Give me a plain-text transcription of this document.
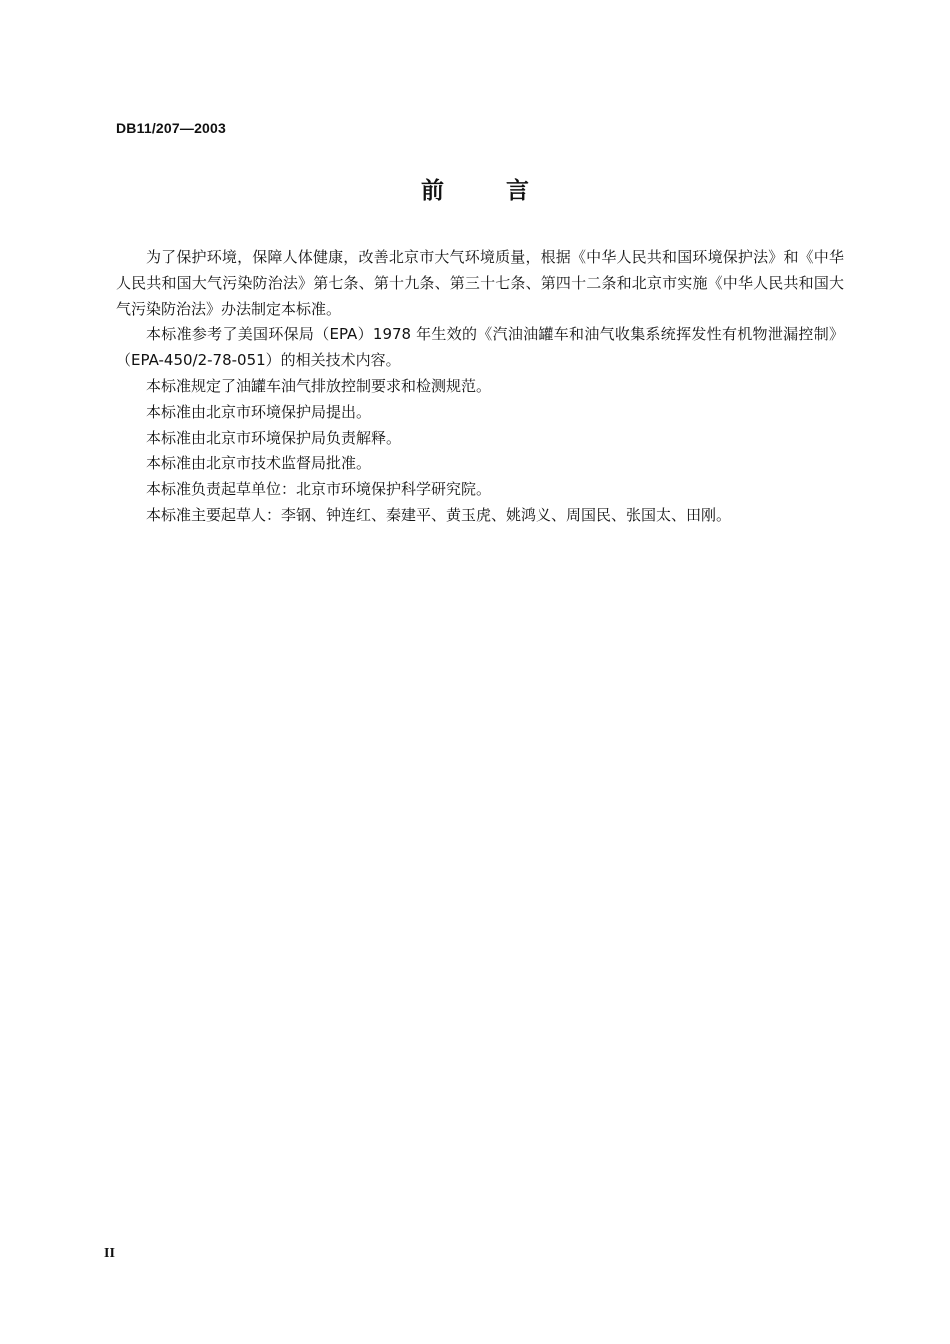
DB11/207—2003
前言

为了保护环境，保障人体健康，改善北京市大气环境质量，根据《中华人民共和国环境保护法》和《中华人民共和国大气污染防治法》第七条、第十九条、第三十七条、第四十二条和北京市实施《中华人民共和国大气污染防治法》办法制定本标准。

本标准参考了美国环保局（EPA）1978 年生效的《汽油油罐车和油气收集系统挥发性有机物泄漏控制》（EPA-450/2-78-051）的相关技术内容。

本标准规定了油罐车油气排放控制要求和检测规范。

本标准由北京市环境保护局提出。

本标准由北京市环境保护局负责解释。

本标准由北京市技术监督局批准。

本标准负责起草单位：北京市环境保护科学研究院。

本标准主要起草人：李钢、钟连红、秦建平、黄玉虎、姚鸿义、周国民、张国太、田刚。

II
